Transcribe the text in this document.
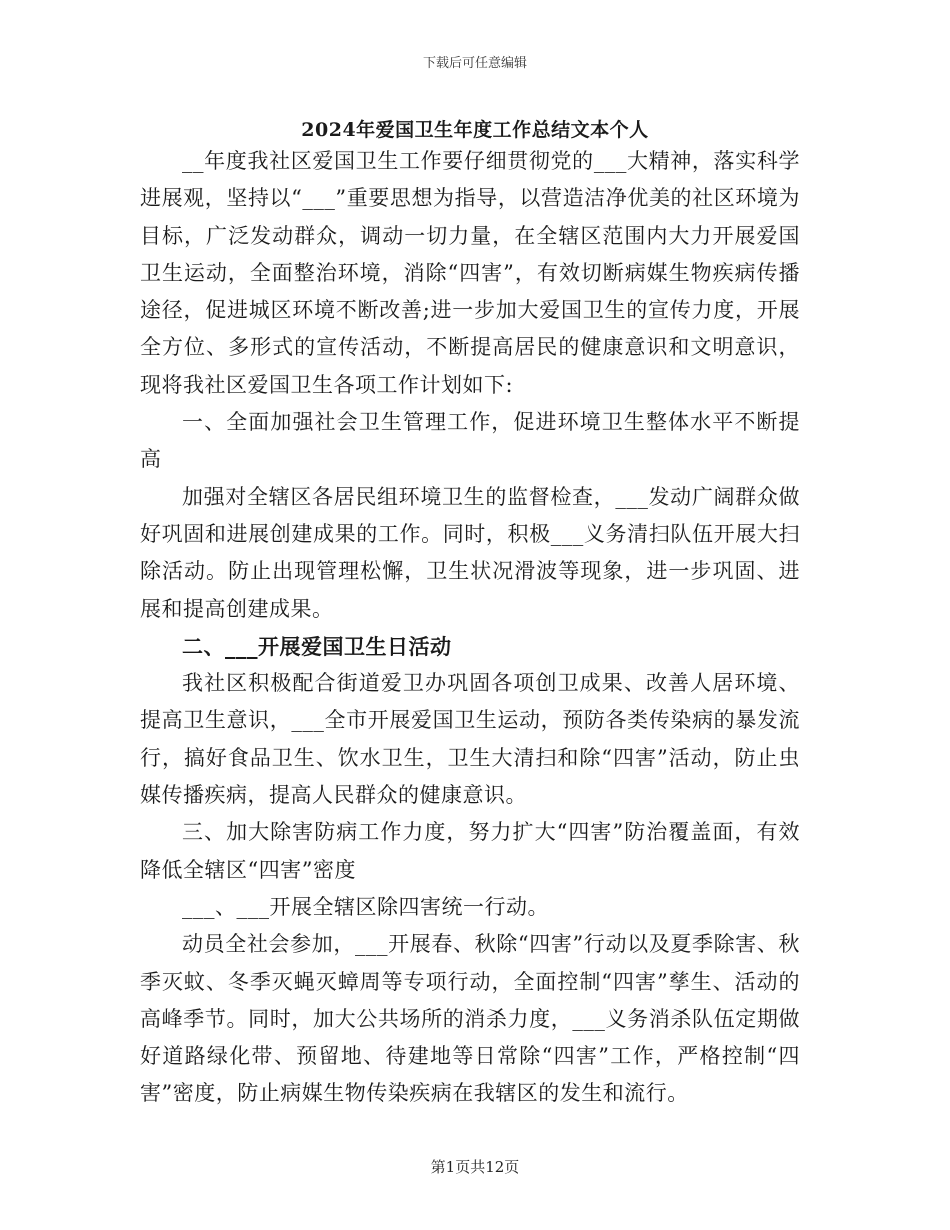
下载后可任意编辑
2024年爱国卫生年度工作总结文本个人

__年度我社区爱国卫生工作要仔细贯彻党的___大精神，落实科学进展观，坚持以“___”重要思想为指导，以营造洁净优美的社区环境为目标，广泛发动群众，调动一切力量，在全辖区范围内大力开展爱国卫生运动，全面整治环境，消除“四害”，有效切断病媒生物疾病传播途径，促进城区环境不断改善;进一步加大爱国卫生的宣传力度，开展全方位、多形式的宣传活动，不断提高居民的健康意识和文明意识，现将我社区爱国卫生各项工作计划如下:

一、全面加强社会卫生管理工作，促进环境卫生整体水平不断提高

加强对全辖区各居民组环境卫生的监督检查，___发动广阔群众做好巩固和进展创建成果的工作。同时，积极___义务清扫队伍开展大扫除活动。防止出现管理松懈，卫生状况滑波等现象，进一步巩固、进展和提高创建成果。

二、___开展爱国卫生日活动

我社区积极配合街道爱卫办巩固各项创卫成果、改善人居环境、提高卫生意识，___全市开展爱国卫生运动，预防各类传染病的暴发流行，搞好食品卫生、饮水卫生，卫生大清扫和除“四害”活动，防止虫媒传播疾病，提高人民群众的健康意识。

三、加大除害防病工作力度，努力扩大“四害”防治覆盖面，有效降低全辖区“四害”密度

___、___开展全辖区除四害统一行动。

动员全社会参加，___开展春、秋除“四害”行动以及夏季除害、秋季灭蚊、冬季灭蝇灭蟑周等专项行动，全面控制“四害”孳生、活动的高峰季节。同时，加大公共场所的消杀力度，___义务消杀队伍定期做好道路绿化带、预留地、待建地等日常除“四害”工作，严格控制“四害”密度，防止病媒生物传染疾病在我辖区的发生和流行。

第1页共12页
